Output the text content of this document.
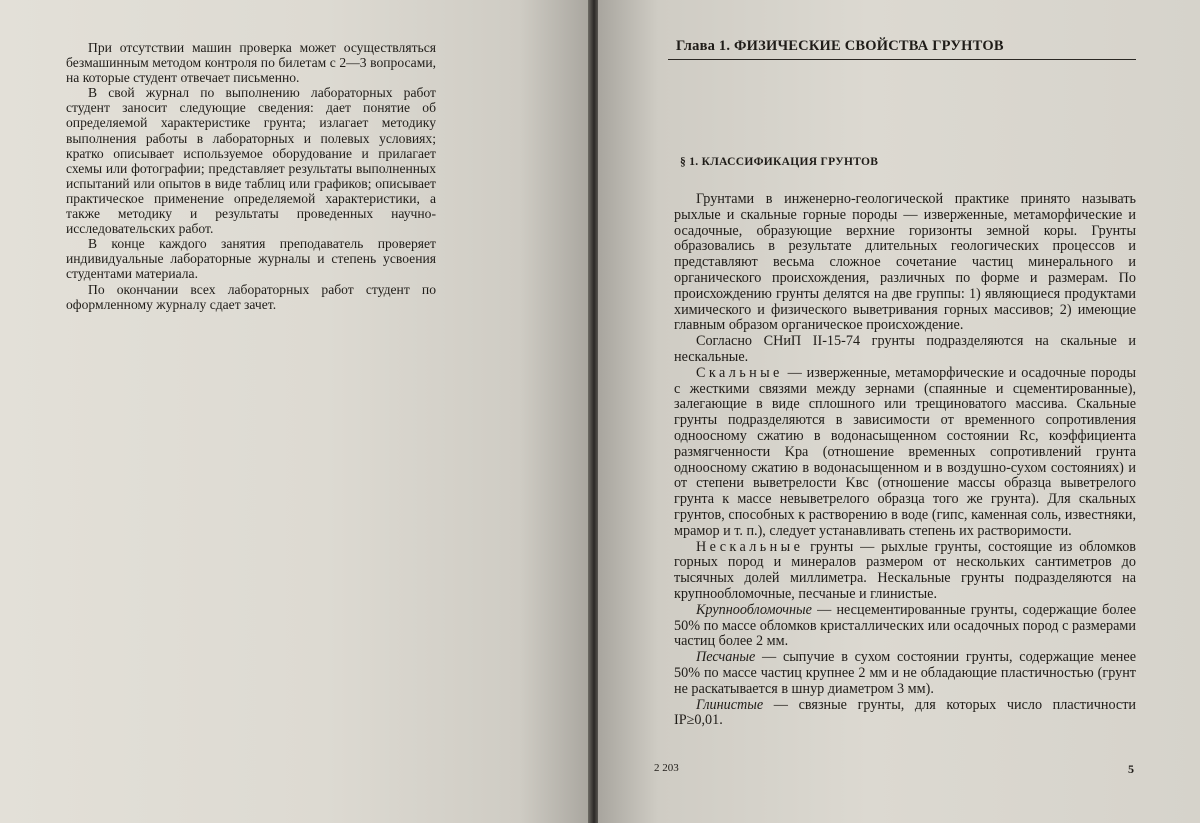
При отсутствии машин проверка может осуществляться безмашинным методом контроля по билетам с 2—3 вопросами, на которые студент отвечает письменно.

В свой журнал по выполнению лабораторных работ студент заносит следующие сведения: дает понятие об определяемой характеристике грунта; излагает методику выполнения работы в лабораторных и полевых условиях; кратко описывает используемое оборудование и прилагает схемы или фотографии; представляет результаты выполненных испытаний или опытов в виде таблиц или графиков; описывает практическое применение определяемой характеристики, а также методику и результаты проведенных научно-исследовательских работ.

В конце каждого занятия преподаватель проверяет индивидуальные лабораторные журналы и степень усвоения студентами материала.

По окончании всех лабораторных работ студент по оформленному журналу сдает зачет.

Глава 1. ФИЗИЧЕСКИЕ СВОЙСТВА ГРУНТОВ
§ 1. КЛАССИФИКАЦИЯ ГРУНТОВ

Грунтами в инженерно-геологической практике принято называть рыхлые и скальные горные породы — изверженные, метаморфические и осадочные, образующие верхние горизонты земной коры. Грунты образовались в результате длительных геологических процессов и представляют весьма сложное сочетание частиц минерального и органического происхождения, различных по форме и размерам. По происхождению грунты делятся на две группы: 1) являющиеся продуктами химического и физического выветривания горных массивов; 2) имеющие главным образом органическое происхождение.

Согласно СНиП II-15-74 грунты подразделяются на скальные и нескальные.

Скальные — изверженные, метаморфические и осадочные породы с жесткими связями между зернами (спаянные и сцементированные), залегающие в виде сплошного или трещиноватого массива. Скальные грунты подразделяются в зависимости от временного сопротивления одноосному сжатию в водонасыщенном состоянии Rc, коэффициента размягченности Kра (отношение временных сопротивлений грунта одноосному сжатию в водонасыщенном и в воздушно-сухом состояниях) и от степени выветрелости Kвс (отношение массы образца выветрелого грунта к массе невыветрелого образца того же грунта). Для скальных грунтов, способных к растворению в воде (гипс, каменная соль, известняки, мрамор и т. п.), следует устанавливать степень их растворимости.

Нескальные грунты — рыхлые грунты, состоящие из обломков горных пород и минералов размером от нескольких сантиметров до тысячных долей миллиметра. Нескальные грунты подразделяются на крупнообломочные, песчаные и глинистые.

Крупнообломочные — несцементированные грунты, содержащие более 50% по массе обломков кристаллических или осадочных пород с размерами частиц более 2 мм.

Песчаные — сыпучие в сухом состоянии грунты, содержащие менее 50% по массе частиц крупнее 2 мм и не обладающие пластичностью (грунт не раскатывается в шнур диаметром 3 мм).

Глинистые — связные грунты, для которых число пластичности IP≥0,01.

2 203	5
